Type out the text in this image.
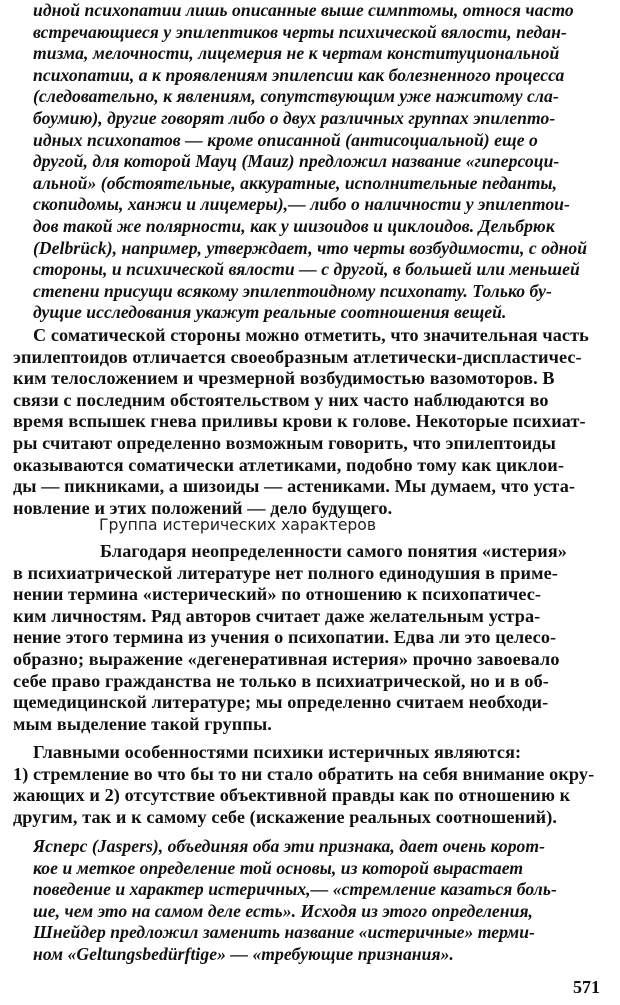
идной психопатии лишь описанные выше симптомы, относя часто
встречающиеся у эпилептиков черты психической вялости, педан-
тизма, мелочности, лицемерия не к чертам конституциональной
психопатии, а к проявлениям эпилепсии как болезненного процесса
(следовательно, к явлениям, сопутствующим уже нажитому сла-
боумию), другие говорят либо о двух различных группах эпилепто-
идных психопатов — кроме описанной (антисоциальной) еще о
другой, для которой Мауц (Mauz) предложил название «гиперсоци-
альной» (обстоятельные, аккуратные, исполнительные педанты,
скопидомы, ханжи и лицемеры),— либо о наличности у эпилептои-
дов такой же полярности, как у шизоидов и циклоидов. Дельбрюк
(Delbrück), например, утверждает, что черты возбудимости, с одной
стороны, и психической вялости — с другой, в большей или меньшей
степени присущи всякому эпилептоидному психопату. Только бу-
дущие исследования укажут реальные соотношения вещей.
С соматической стороны можно отметить, что значительная часть
эпилептоидов отличается своеобразным атлетически-диспластичес-
ким телосложением и чрезмерной возбудимостью вазомоторов. В
связи с последним обстоятельством у них часто наблюдаются во
время вспышек гнева приливы крови к голове. Некоторые психиат-
ры считают определенно возможным говорить, что эпилептоиды
оказываются соматически атлетиками, подобно тому как циклои-
ды — пикниками, а шизоиды — астениками. Мы думаем, что уста-
новление и этих положений — дело будущего.
Группа истерических характеров
Благодаря неопределенности самого понятия «истерия»
в психиатрической литературе нет полного единодушия в приме-
нении термина «истерический» по отношению к психопатичес-
ким личностям. Ряд авторов считает даже желательным устра-
нение этого термина из учения о психопатии. Едва ли это целесо-
образно; выражение «дегенеративная истерия» прочно завоевало
себе право гражданства не только в психиатрической, но и в об-
щемедицинской литературе; мы определенно считаем необходи-
мым выделение такой группы.
Главными особенностями психики истеричных являются:
1) стремление во что бы то ни стало обратить на себя внимание окру-
жающих и 2) отсутствие объективной правды как по отношению к
другим, так и к самому себе (искажение реальных соотношений).
Ясперс (Jaspers), объединяя оба эти признака, дает очень корот-
кое и меткое определение той основы, из которой вырастает
поведение и характер истеричных,— «стремление казаться боль-
ше, чем это на самом деле есть». Исходя из этого определения,
Шнейдер предложил заменить название «истеричные» терми-
ном «Geltungsbedürftige» — «требующие признания».
571
